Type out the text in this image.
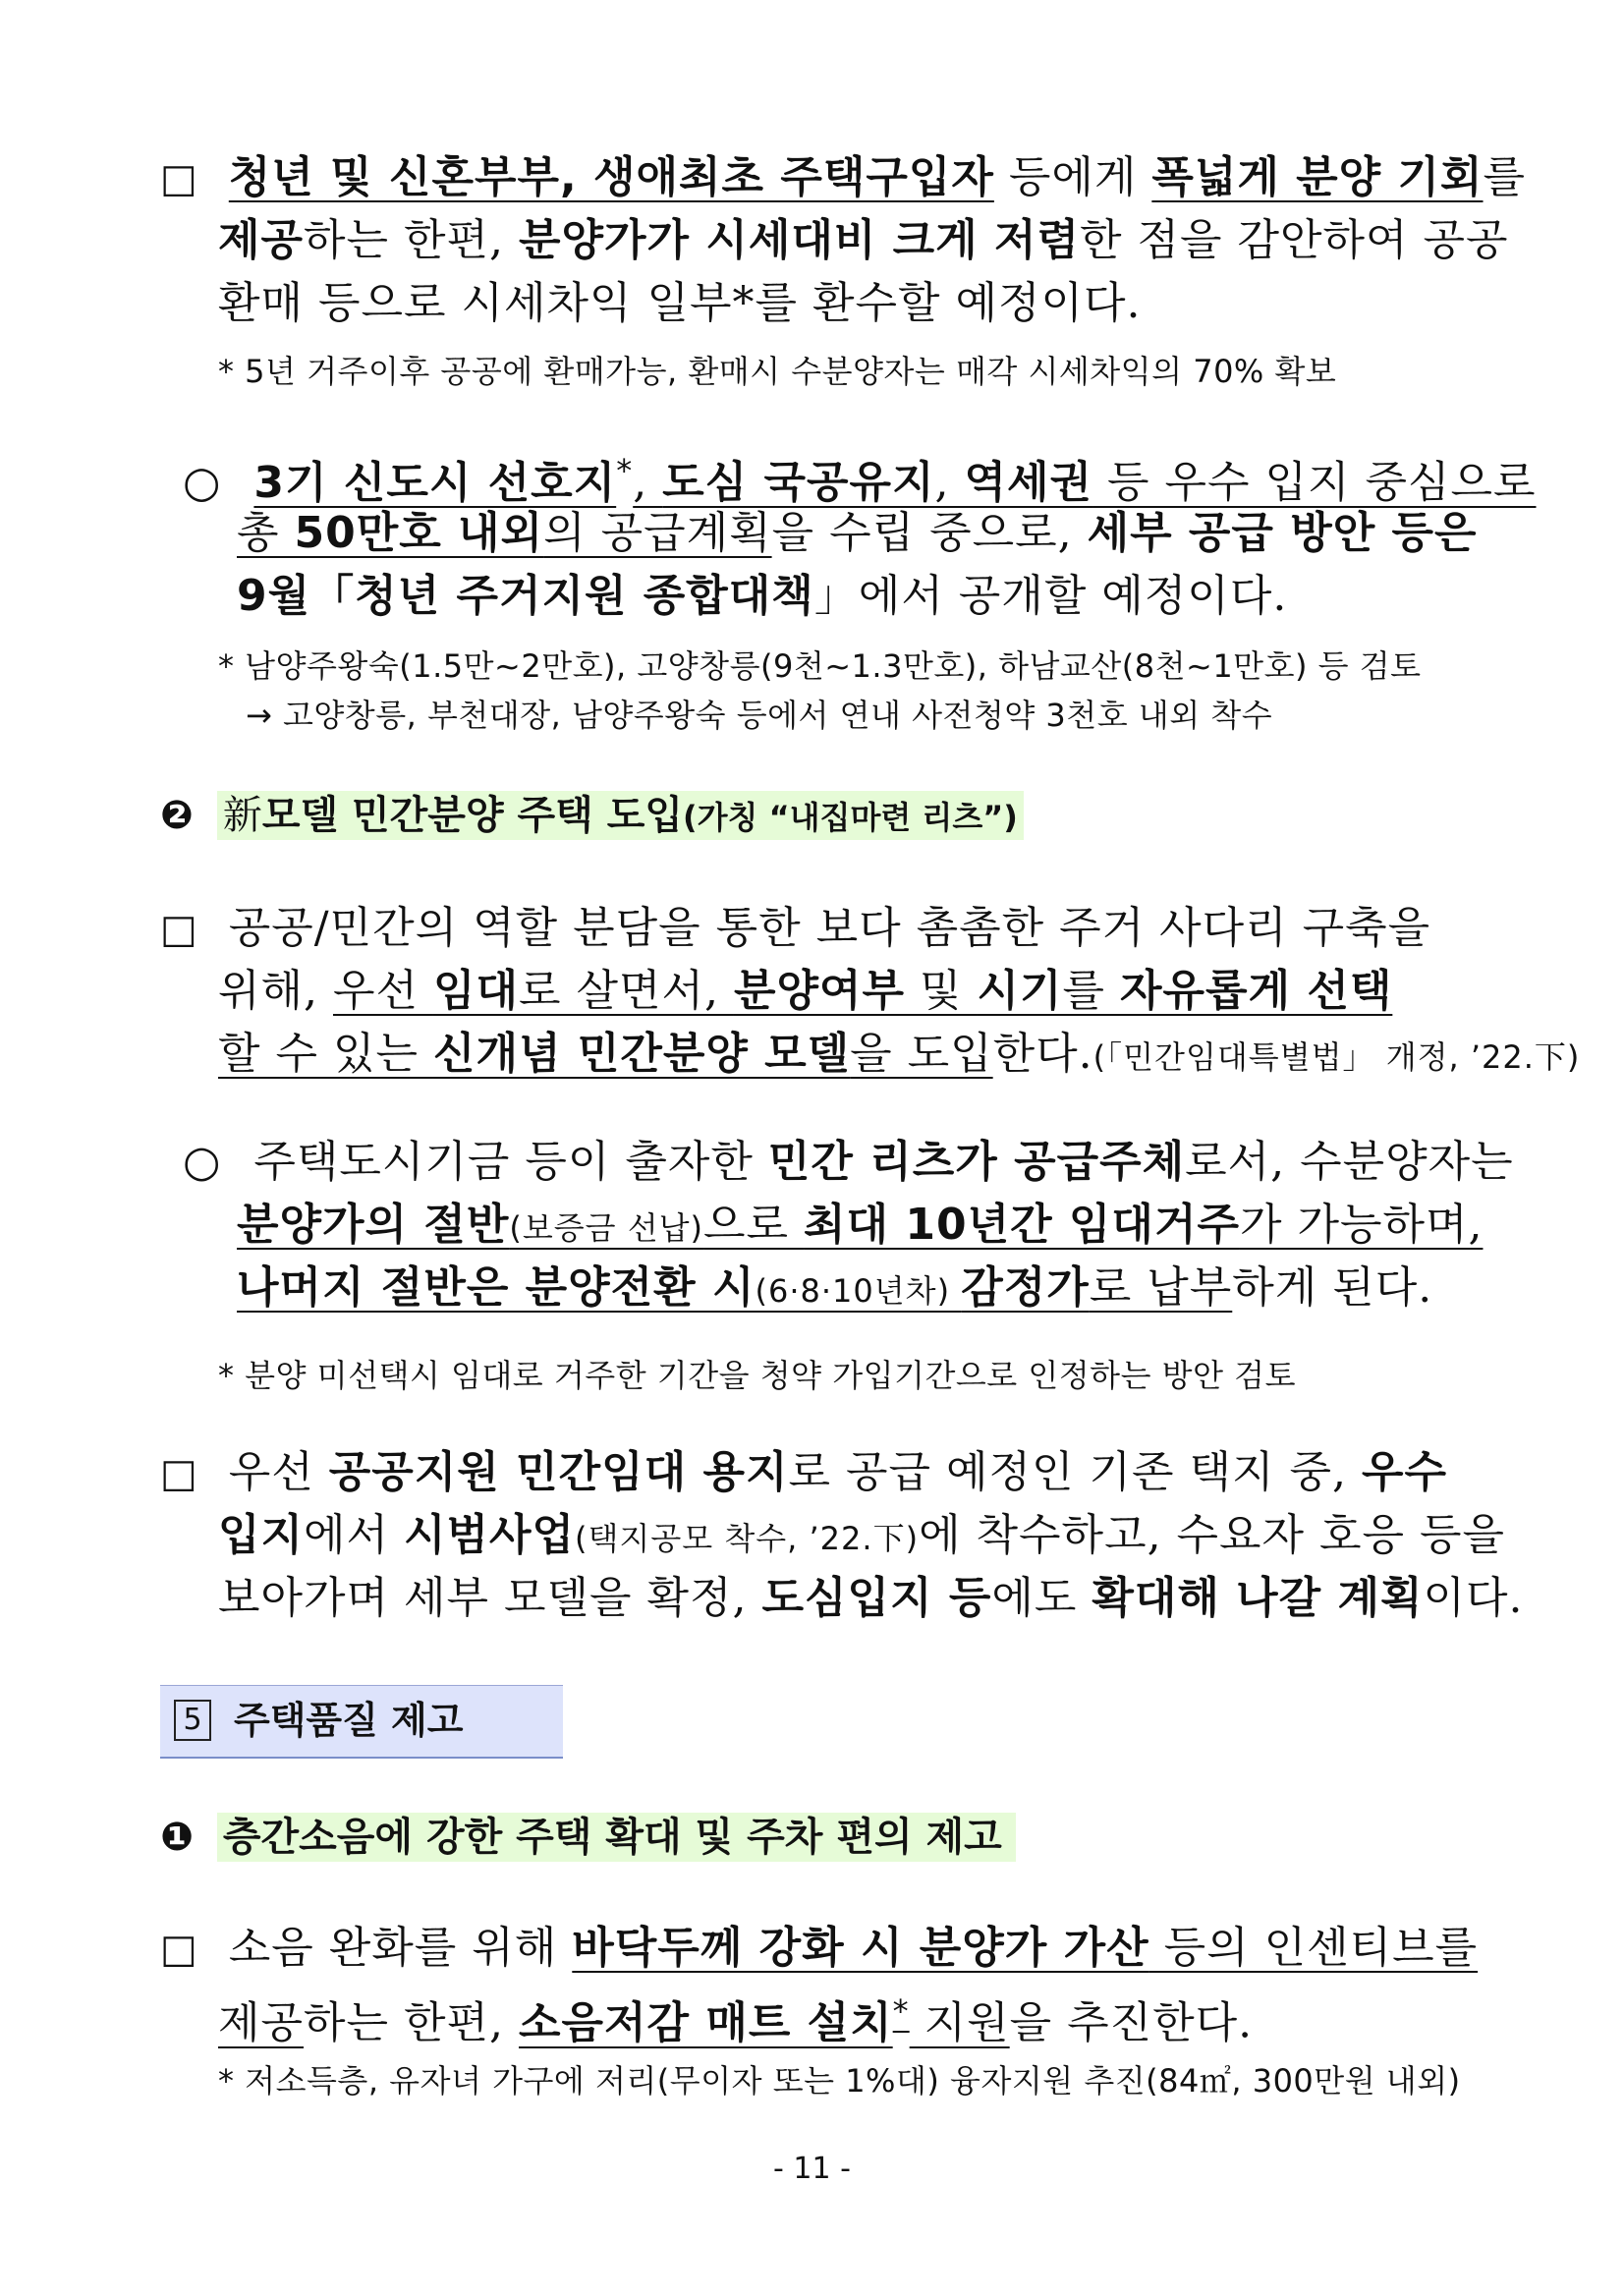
□ 청년 및 신혼부부, 생애최초 주택구입자 등에게 폭넓게 분양 기회를
제공하는 한편, 분양가가 시세대비 크게 저렴한 점을 감안하여 공공
환매 등으로 시세차익 일부*를 환수할 예정이다.
* 5년 거주이후 공공에 환매가능, 환매시 수분양자는 매각 시세차익의 70% 확보
○ 3기 신도시 선호지*, 도심 국공유지, 역세권 등 우수 입지 중심으로
총 50만호 내외의 공급계획을 수립 중으로, 세부 공급 방안 등은
9월「청년 주거지원 종합대책」에서 공개할 예정이다.
* 남양주왕숙(1.5만~2만호), 고양창릉(9천~1.3만호), 하남교산(8천~1만호) 등 검토
→ 고양창릉, 부천대장, 남양주왕숙 등에서 연내 사전청약 3천호 내외 착수
❷ 新모델 민간분양 주택 도입(가칭 “내집마련 리츠”)
□ 공공/민간의 역할 분담을 통한 보다 촘촘한 주거 사다리 구축을
위해, 우선 임대로 살면서, 분양여부 및 시기를 자유롭게 선택
할 수 있는 신개념 민간분양 모델을 도입한다.(「민간임대특별법」 개정, ’22.下)
○ 주택도시기금 등이 출자한 민간 리츠가 공급주체로서, 수분양자는
분양가의 절반(보증금 선납)으로 최대 10년간 임대거주가 가능하며,
나머지 절반은 분양전환 시(6·8·10년차) 감정가로 납부하게 된다.
* 분양 미선택시 임대로 거주한 기간을 청약 가입기간으로 인정하는 방안 검토
□ 우선 공공지원 민간임대 용지로 공급 예정인 기존 택지 중, 우수
입지에서 시범사업(택지공모 착수, ’22.下)에 착수하고, 수요자 호응 등을
보아가며 세부 모델을 확정, 도심입지 등에도 확대해 나갈 계획이다.
5 주택품질 제고
❶ 층간소음에 강한 주택 확대 및 주차 편의 제고
□ 소음 완화를 위해 바닥두께 강화 시 분양가 가산 등의 인센티브를
제공하는 한편, 소음저감 매트 설치* 지원을 추진한다.
* 저소득층, 유자녀 가구에 저리(무이자 또는 1%대) 융자지원 추진(84㎡, 300만원 내외)
- 11 -
